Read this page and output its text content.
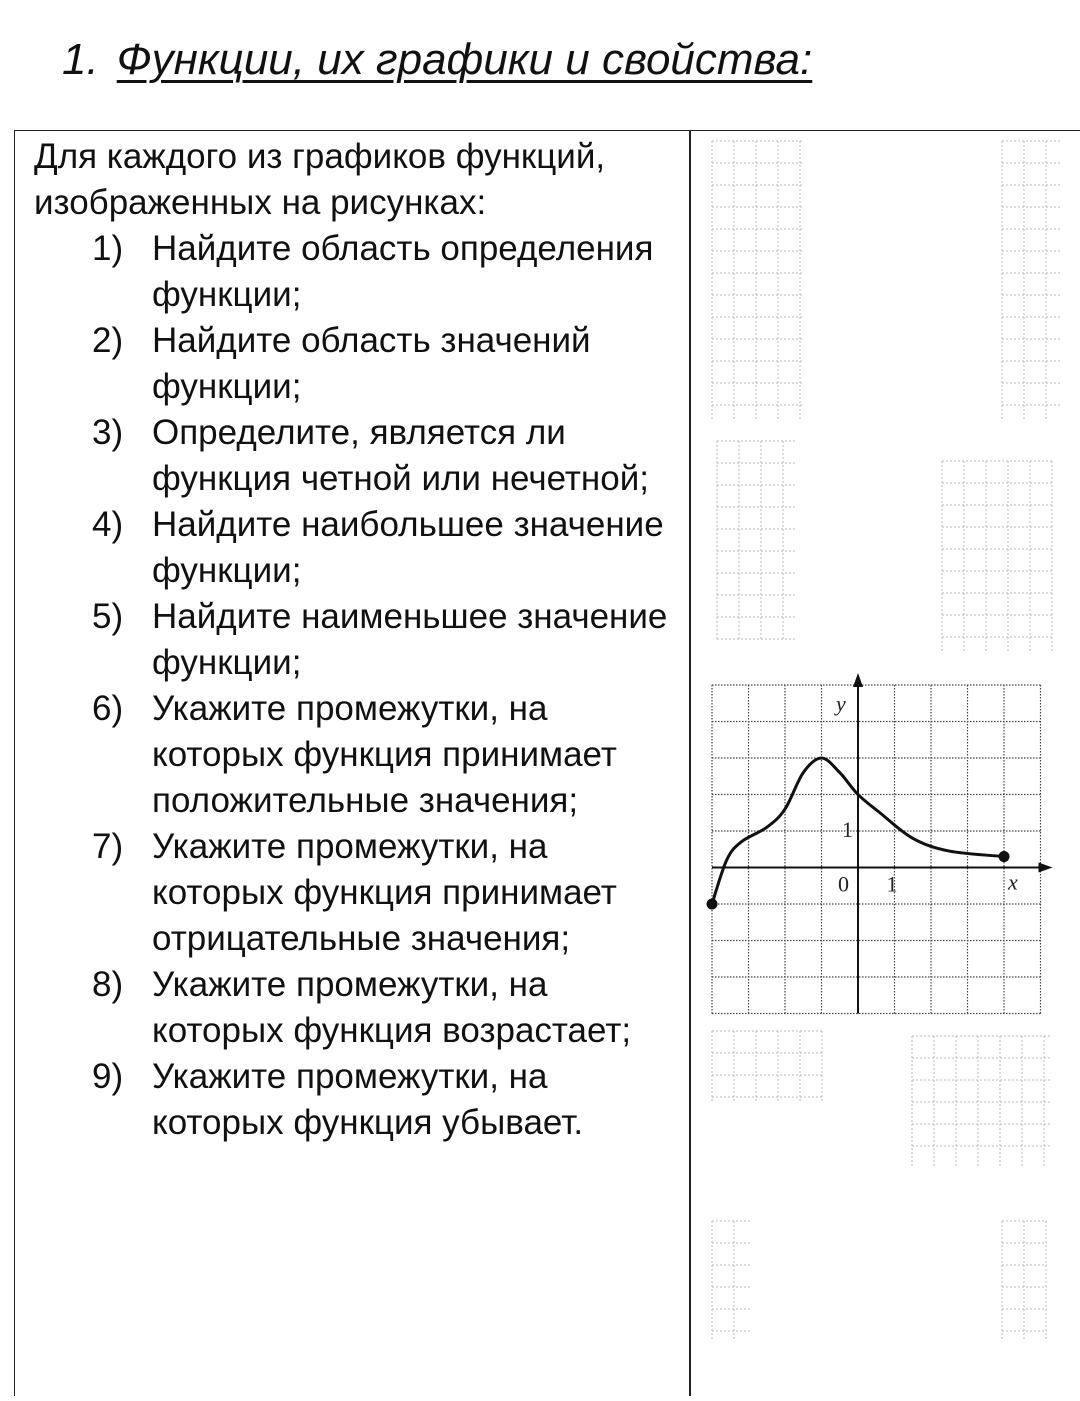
1. Функции, их графики и свойства:

Для каждого из графиков функций, изображенных на рисунках:

1) Найдите область определения функции;
2) Найдите область значений функции;
3) Определите, является ли функция четной или нечетной;
4) Найдите наибольшее значение функции;
5) Найдите наименьшее значение функции;
6) Укажите промежутки, на которых функция принимает положительные значения;
7) Укажите промежутки, на которых функция принимает отрицательные значения;
8) Укажите промежутки, на которых функция возрастает;
9) Укажите промежутки, на которых функция убывает.
y
x
0 1
1
